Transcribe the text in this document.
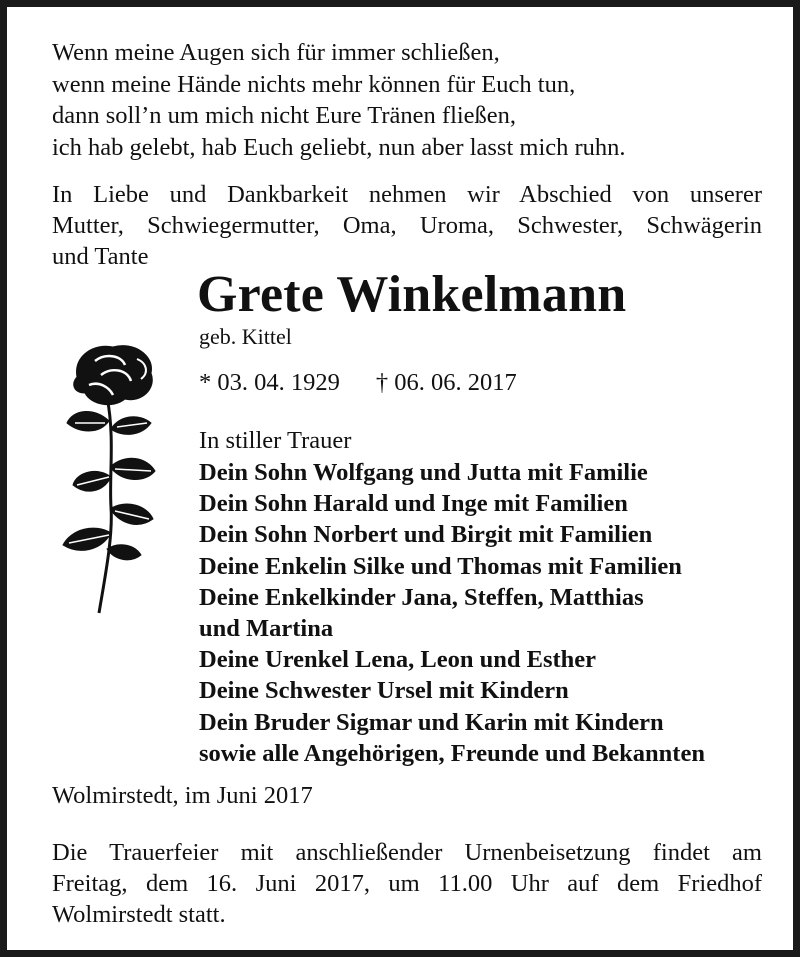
Wenn meine Augen sich für immer schließen,
wenn meine Hände nichts mehr können für Euch tun,
dann soll’n um mich nicht Eure Tränen fließen,
ich hab gelebt, hab Euch geliebt, nun aber lasst mich ruhn.
In Liebe und Dankbarkeit nehmen wir Abschied von unserer
Mutter, Schwiegermutter, Oma, Uroma, Schwester, Schwägerin
und Tante
Grete Winkelmann
geb. Kittel
* 03. 04. 1929 † 06. 06. 2017
In stiller Trauer
Dein Sohn Wolfgang und Jutta mit Familie
Dein Sohn Harald und Inge mit Familien
Dein Sohn Norbert und Birgit mit Familien
Deine Enkelin Silke und Thomas mit Familien
Deine Enkelkinder Jana, Steffen, Matthias
und Martina
Deine Urenkel Lena, Leon und Esther
Deine Schwester Ursel mit Kindern
Dein Bruder Sigmar und Karin mit Kindern
sowie alle Angehörigen, Freunde und Bekannten
Wolmirstedt, im Juni 2017
Die Trauerfeier mit anschließender Urnenbeisetzung findet am
Freitag, dem 16. Juni 2017, um 11.00 Uhr auf dem Friedhof
Wolmirstedt statt.
